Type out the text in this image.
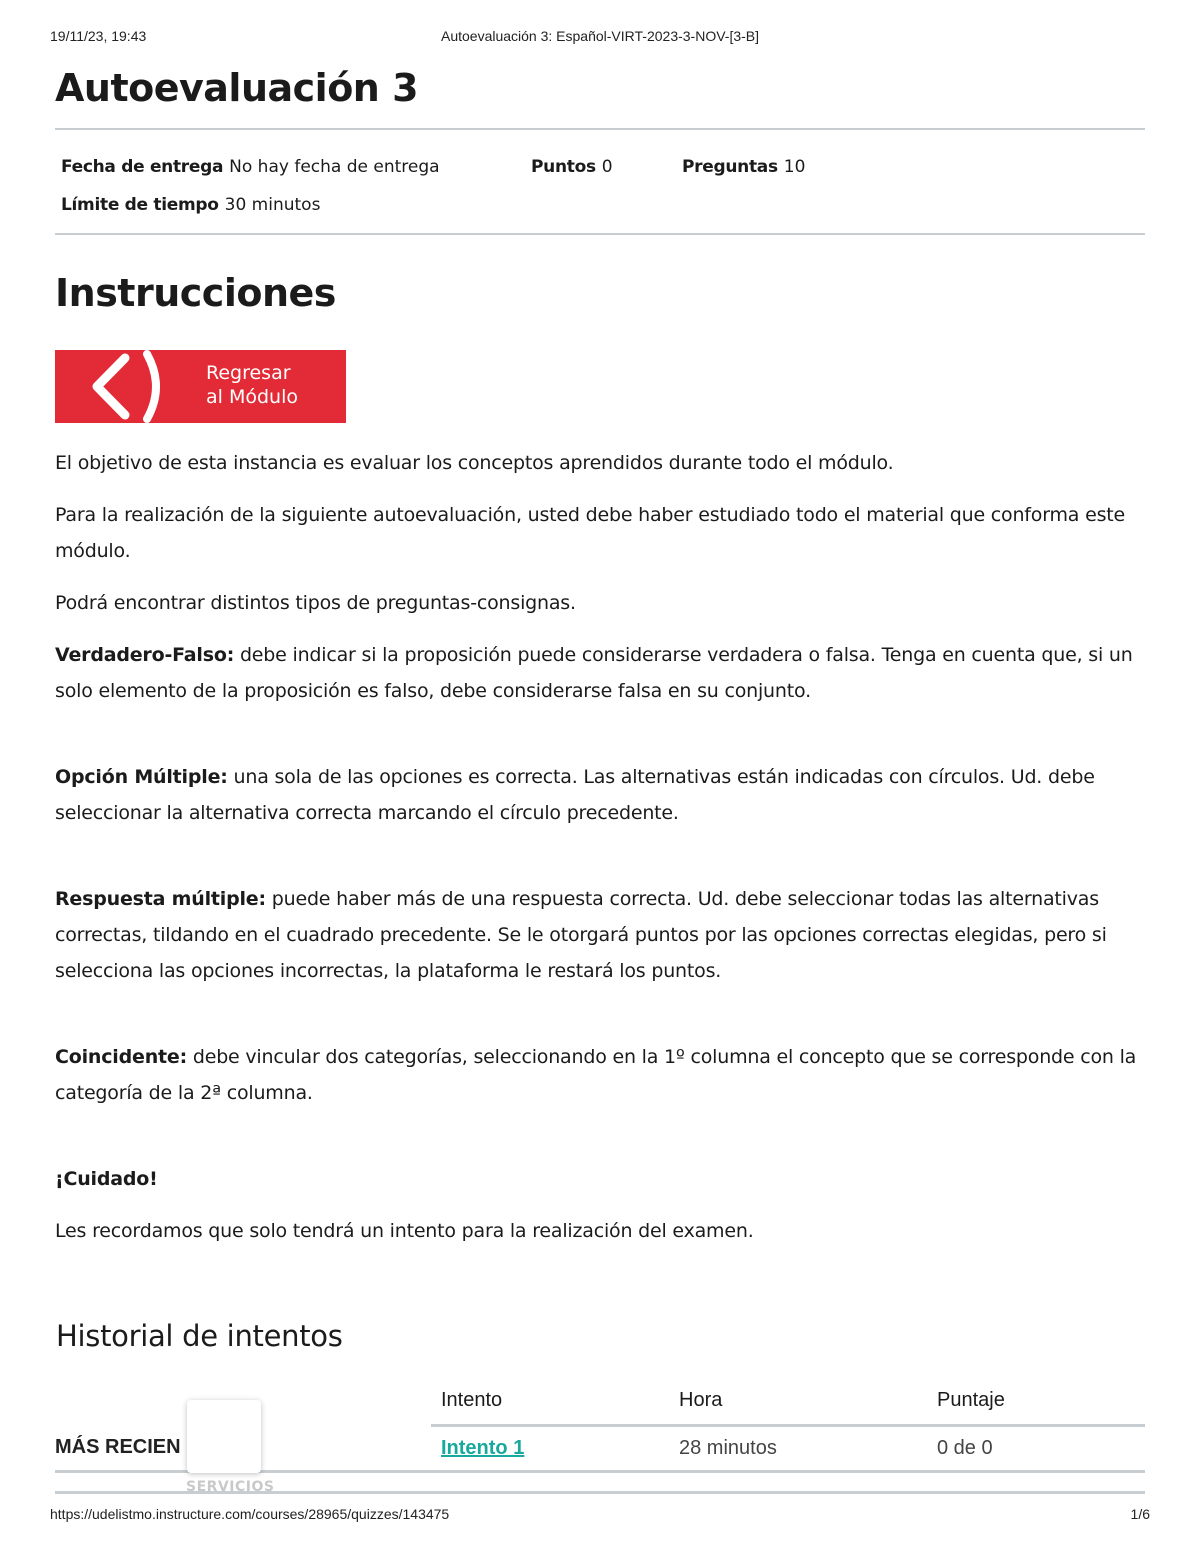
19/11/23, 19:43	Autoevaluación 3: Español-VIRT-2023-3-NOV-[3-B]
Autoevaluación 3
Fecha de entrega No hay fecha de entrega	Puntos 0	Preguntas 10
Límite de tiempo 30 minutos
Instrucciones
Regresar
al Módulo

El objetivo de esta instancia es evaluar los conceptos aprendidos durante todo el módulo.

Para la realización de la siguiente autoevaluación, usted debe haber estudiado todo el material que conforma este módulo.

Podrá encontrar distintos tipos de preguntas-consignas.

Verdadero-Falso: debe indicar si la proposición puede considerarse verdadera o falsa. Tenga en cuenta que, si un solo elemento de la proposición es falso, debe considerarse falsa en su conjunto.

Opción Múltiple: una sola de las opciones es correcta. Las alternativas están indicadas con círculos. Ud. debe seleccionar la alternativa correcta marcando el círculo precedente.

Respuesta múltiple: puede haber más de una respuesta correcta. Ud. debe seleccionar todas las alternativas correctas, tildando en el cuadrado precedente. Se le otorgará puntos por las opciones correctas elegidas, pero si selecciona las opciones incorrectas, la plataforma le restará los puntos.

Coincidente: debe vincular dos categorías, seleccionando en la 1º columna el concepto que se corresponde con la categoría de la 2ª columna.

¡Cuidado!

Les recordamos que solo tendrá un intento para la realización del examen.

Historial de intentos
	Intento	Hora	Puntaje
MÁS RECIEN	Intento 1	28 minutos	0 de 0
SERVICIOS
https://udelistmo.instructure.com/courses/28965/quizzes/143475	1/6
